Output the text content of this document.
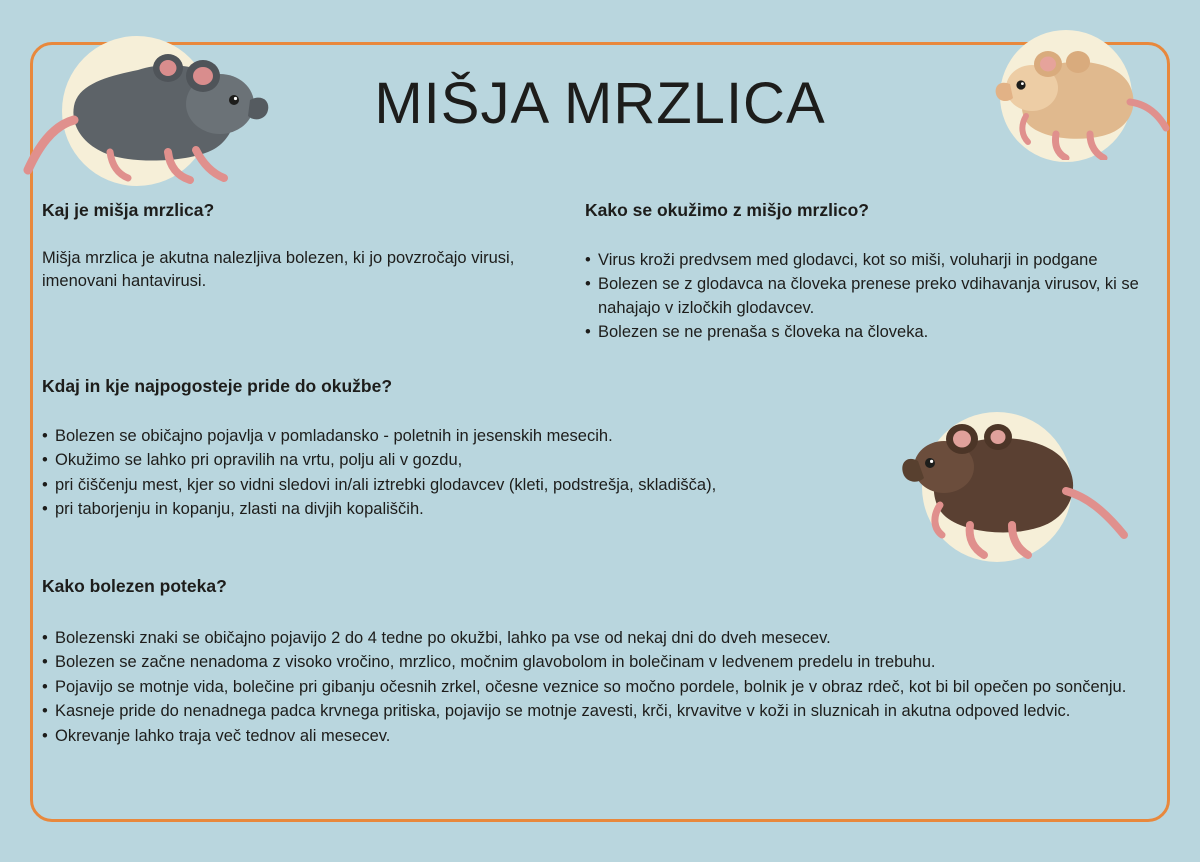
MIŠJA MRZLICA
Kaj je mišja mrzlica?

Mišja mrzlica je akutna nalezljiva bolezen, ki jo povzročajo virusi, imenovani hantavirusi.

Kako se okužimo z mišjo mrzlico?
• Virus kroži predvsem med glodavci, kot so miši, voluharji in podgane
• Bolezen se z glodavca na človeka prenese preko vdihavanja virusov, ki se nahajajo v izločkih glodavcev.
• Bolezen se ne prenaša s človeka na človeka.
Kdaj in kje najpogosteje pride do okužbe?
• Bolezen se običajno pojavlja v pomladansko - poletnih in jesenskih mesecih.
• Okužimo se lahko pri opravilih na vrtu, polju ali v gozdu,
• pri čiščenju mest, kjer so vidni sledovi in/ali iztrebki glodavcev (kleti, podstrešja, skladišča),
• pri taborjenju in kopanju, zlasti na divjih kopališčih.
Kako bolezen poteka?
• Bolezenski znaki se običajno pojavijo 2 do 4 tedne po okužbi, lahko pa vse od nekaj dni do dveh mesecev.
• Bolezen se začne nenadoma z visoko vročino, mrzlico, močnim glavobolom in bolečinam v ledvenem predelu in trebuhu.
• Pojavijo se motnje vida, bolečine pri gibanju očesnih zrkel, očesne veznice so močno pordele, bolnik je v obraz rdeč, kot bi bil opečen po sončenju.
• Kasneje pride do nenadnega padca krvnega pritiska, pojavijo se motnje zavesti, krči, krvavitve v koži in sluznicah in akutna odpoved ledvic.
• Okrevanje lahko traja več tednov ali mesecev.
